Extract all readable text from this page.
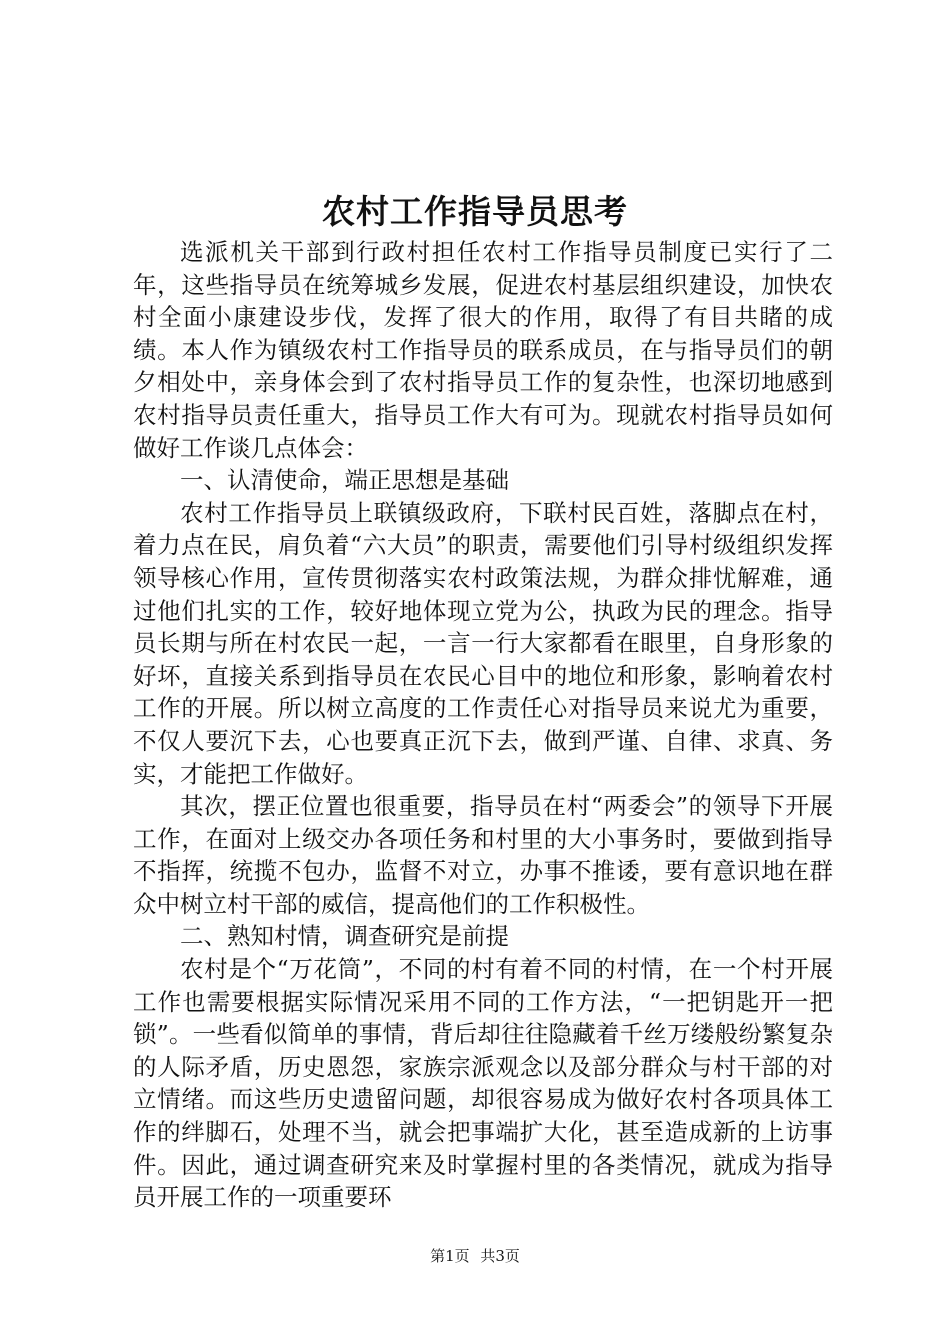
农村工作指导员思考

选派机关干部到行政村担任农村工作指导员制度已实行了二年，这些指导员在统筹城乡发展，促进农村基层组织建设，加快农村全面小康建设步伐，发挥了很大的作用，取得了有目共睹的成绩。本人作为镇级农村工作指导员的联系成员，在与指导员们的朝夕相处中，亲身体会到了农村指导员工作的复杂性，也深切地感到农村指导员责任重大，指导员工作大有可为。现就农村指导员如何做好工作谈几点体会：

一、认清使命，端正思想是基础

农村工作指导员上联镇级政府，下联村民百姓，落脚点在村，着力点在民，肩负着“六大员”的职责，需要他们引导村级组织发挥领导核心作用，宣传贯彻落实农村政策法规，为群众排忧解难，通过他们扎实的工作，较好地体现立党为公，执政为民的理念。指导员长期与所在村农民一起，一言一行大家都看在眼里，自身形象的好坏，直接关系到指导员在农民心目中的地位和形象，影响着农村工作的开展。所以树立高度的工作责任心对指导员来说尤为重要，不仅人要沉下去，心也要真正沉下去，做到严谨、自律、求真、务实，才能把工作做好。

其次，摆正位置也很重要，指导员在村“两委会”的领导下开展工作，在面对上级交办各项任务和村里的大小事务时，要做到指导不指挥，统揽不包办，监督不对立，办事不推诿，要有意识地在群众中树立村干部的威信，提高他们的工作积极性。

二、熟知村情，调查研究是前提

农村是个“万花筒”，不同的村有着不同的村情，在一个村开展工作也需要根据实际情况采用不同的工作方法，“一把钥匙开一把锁”。一些看似简单的事情，背后却往往隐藏着千丝万缕般纷繁复杂的人际矛盾，历史恩怨，家族宗派观念以及部分群众与村干部的对立情绪。而这些历史遗留问题，却很容易成为做好农村各项具体工作的绊脚石，处理不当，就会把事端扩大化，甚至造成新的上访事件。因此，通过调查研究来及时掌握村里的各类情况，就成为指导员开展工作的一项重要环

第1页 共3页
